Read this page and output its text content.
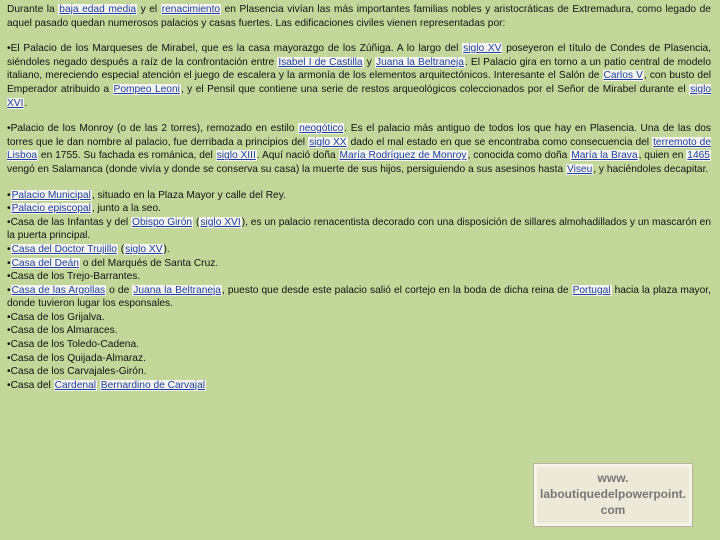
Durante la baja edad media y el renacimiento en Plasencia vivían las más importantes familias nobles y aristocráticas de Extremadura, como legado de aquel pasado quedan numerosos palacios y casas fuertes. Las edificaciones civiles vienen representadas por:

•El Palacio de los Marqueses de Mirabel, que es la casa mayorazgo de los Zúñiga. A lo largo del siglo XV poseyeron el título de Condes de Plasencia, siéndoles negado después a raíz de la confrontación entre Isabel I de Castilla y Juana la Beltraneja. El Palacio gira en torno a un patio central de modelo italiano, mereciendo especial atención el juego de escalera y la armonía de los elementos arquitectónicos. Interesante el Salón de Carlos V, con busto del Emperador atribuido a Pompeo Leoni, y el Pensil que contiene una serie de restos arqueológicos coleccionados por el Señor de Mirabel durante el siglo XVI.

•Palacio de los Monroy (o de las 2 torres), remozado en estilo neogótico. Es el palacio más antiguo de todos los que hay en Plasencia. Una de las dos torres que le dan nombre al palacio, fue derribada a principios del siglo XX dado el mal estado en que se encontraba como consecuencia del terremoto de Lisboa en 1755. Su fachada es románica, del siglo XIII. Aquí nació doña María Rodríguez de Monroy, conocida como doña María la Brava, quien en 1465 vengó en Salamanca (donde vivía y donde se conserva su casa) la muerte de sus hijos, persiguiendo a sus asesinos hasta Viseu, y haciéndoles decapitar.

•Palacio Municipal, situado en la Plaza Mayor y calle del Rey.

•Palacio episcopal, junto a la seo.

•Casa de las Infantas y del Obispo Girón (siglo XVI), es un palacio renacentista decorado con una disposición de sillares almohadillados y un mascarón en la puerta principal.

•Casa del Doctor Trujillo (siglo XV).

•Casa del Deán o del Marqués de Santa Cruz.

•Casa de los Trejo-Barrantes.

•Casa de las Argollas o de Juana la Beltraneja, puesto que desde este palacio salió el cortejo en la boda de dicha reina de Portugal hacia la plaza mayor, donde tuvieron lugar los esponsales.

•Casa de los Grijalva.

•Casa de los Almaraces.

•Casa de los Toledo-Cadena.

•Casa de los Quijada-Almaraz.

•Casa de los Carvajales-Girón.

•Casa del Cardenal Bernardino de Carvajal

www.
laboutiquedelpowerpoint.
com
